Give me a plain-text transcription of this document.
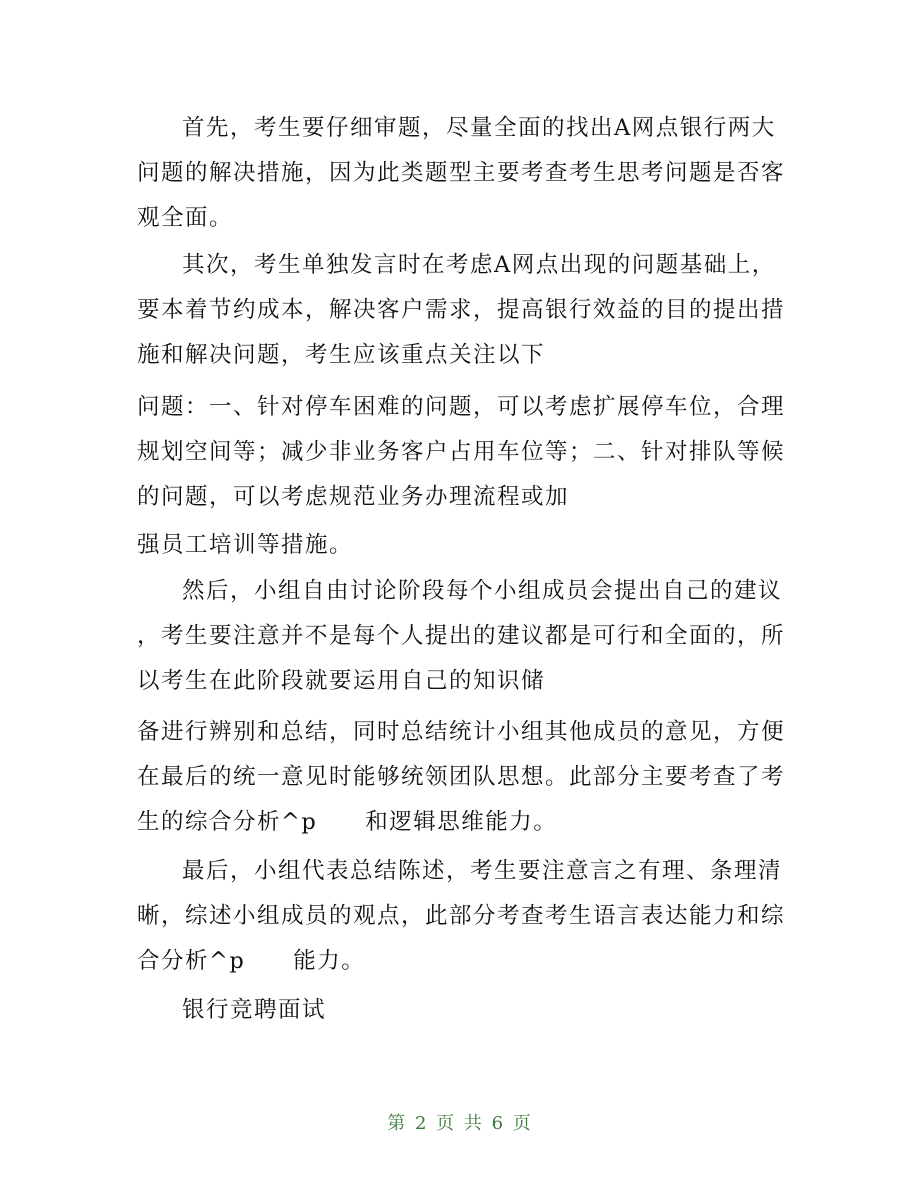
首先，考生要仔细审题，尽量全面的找出A网点银行两大
问题的解决措施，因为此类题型主要考查考生思考问题是否客
观全面。
其次，考生单独发言时在考虑A网点出现的问题基础上，
要本着节约成本，解决客户需求，提高银行效益的目的提出措
施和解决问题，考生应该重点关注以下
问题：一、针对停车困难的问题，可以考虑扩展停车位，合理
规划空间等；减少非业务客户占用车位等；二、针对排队等候
的问题，可以考虑规范业务办理流程或加
强员工培训等措施。
然后，小组自由讨论阶段每个小组成员会提出自己的建议
，考生要注意并不是每个人提出的建议都是可行和全面的，所
以考生在此阶段就要运用自己的知识储
备进行辨别和总结，同时总结统计小组其他成员的意见，方便
在最后的统一意见时能够统领团队思想。此部分主要考查了考
生的综合分析^p　　和逻辑思维能力。
最后，小组代表总结陈述，考生要注意言之有理、条理清
晰，综述小组成员的观点，此部分考查考生语言表达能力和综
合分析^p　　能力。
银行竞聘面试
第 2 页 共 6 页
